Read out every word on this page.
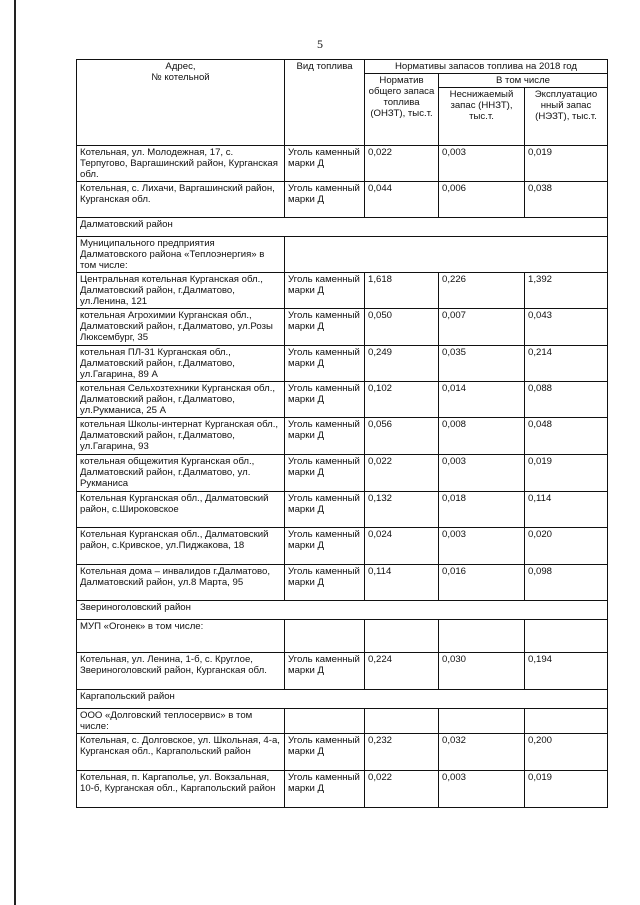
5
Адрес,
№ котельной	Вид топлива	Нормативы запасов топлива на 2018 год		
		Норматив общего запаса топлива (ОНЗТ), тыс.т.	В том числе	
			Неснижаемый запас (ННЗТ), тыс.т.	Эксплуатацио нный запас (НЭЗТ), тыс.т.
Котельная, ул. Молодежная, 17, с. Терпугово, Варгашинский район, Курганская обл.	Уголь каменный марки Д	0,022	0,003	0,019
Котельная, с. Лихачи, Варгашинский район, Курганская обл.	Уголь каменный марки Д	0,044	0,006	0,038
Далматовский район				
Муниципального предприятия Далматовского района «Теплоэнергия» в том числе:				
Центральная котельная Курганская обл., Далматовский район, г.Далматово, ул.Ленина, 121	Уголь каменный марки Д	1,618	0,226	1,392
котельная Агрохимии Курганская обл., Далматовский район, г.Далматово, ул.Розы Люксембург, 35	Уголь каменный марки Д	0,050	0,007	0,043
котельная ПЛ-31 Курганская обл., Далматовский район, г.Далматово, ул.Гагарина, 89 А	Уголь каменный марки Д	0,249	0,035	0,214
котельная Сельхозтехники Курганская обл., Далматовский район, г.Далматово, ул.Рукманиса, 25 А	Уголь каменный марки Д	0,102	0,014	0,088
котельная Школы-интернат Курганская обл., Далматовский район, г.Далматово, ул.Гагарина, 93	Уголь каменный марки Д	0,056	0,008	0,048
котельная общежития Курганская обл., Далматовский район, г.Далматово, ул. Рукманиса	Уголь каменный марки Д	0,022	0,003	0,019
Котельная Курганская обл., Далматовский район, с.Широковское	Уголь каменный марки Д	0,132	0,018	0,114
Котельная Курганская обл., Далматовский район, с.Кривское, ул.Пиджакова, 18	Уголь каменный марки Д	0,024	0,003	0,020
Котельная дома – инвалидов г.Далматово, Далматовский район, ул.8 Марта, 95	Уголь каменный марки Д	0,114	0,016	0,098
Звериноголовский район				
МУП «Огонек» в том числе:				
Котельная, ул. Ленина, 1-б, с. Круглое, Звериноголовский район, Курганская обл.	Уголь каменный марки Д	0,224	0,030	0,194
Каргапольский район				
ООО «Долговский теплосервис» в том числе:				
Котельная, с. Долговское, ул. Школьная, 4-а, Курганская обл., Каргапольский район	Уголь каменный марки Д	0,232	0,032	0,200
Котельная, п. Каргаполье, ул. Вокзальная, 10-б, Курганская обл., Каргапольский район	Уголь каменный марки Д	0,022	0,003	0,019
